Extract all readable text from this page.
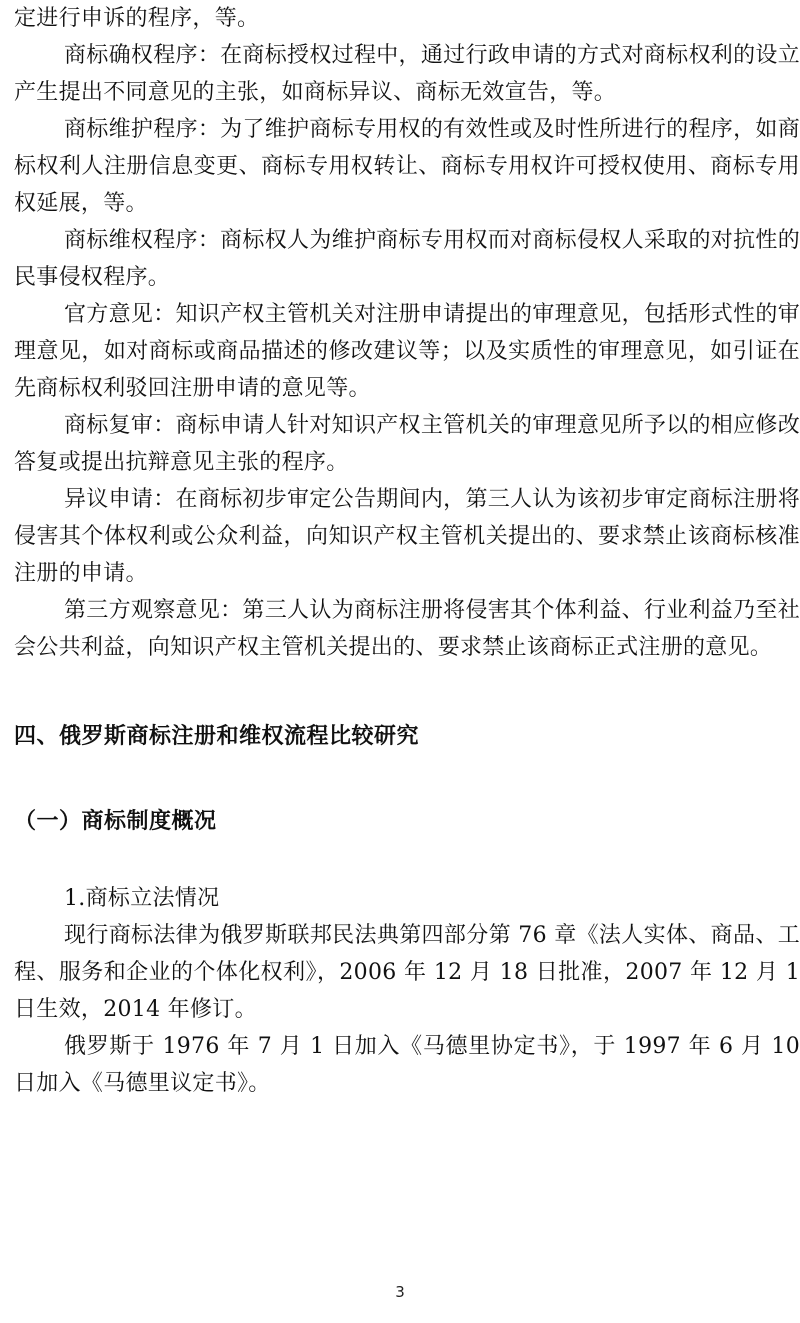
定进行申诉的程序，等。

商标确权程序：在商标授权过程中，通过行政申请的方式对商标权利的设立产生提出不同意见的主张，如商标异议、商标无效宣告，等。

商标维护程序：为了维护商标专用权的有效性或及时性所进行的程序，如商标权利人注册信息变更、商标专用权转让、商标专用权许可授权使用、商标专用权延展，等。

商标维权程序：商标权人为维护商标专用权而对商标侵权人采取的对抗性的民事侵权程序。

官方意见：知识产权主管机关对注册申请提出的审理意见，包括形式性的审理意见，如对商标或商品描述的修改建议等；以及实质性的审理意见，如引证在先商标权利驳回注册申请的意见等。

商标复审：商标申请人针对知识产权主管机关的审理意见所予以的相应修改答复或提出抗辩意见主张的程序。

异议申请：在商标初步审定公告期间内，第三人认为该初步审定商标注册将侵害其个体权利或公众利益，向知识产权主管机关提出的、要求禁止该商标核准注册的申请。

第三方观察意见：第三人认为商标注册将侵害其个体利益、行业利益乃至社会公共利益，向知识产权主管机关提出的、要求禁止该商标正式注册的意见。

四、俄罗斯商标注册和维权流程比较研究
（一）商标制度概况

1.商标立法情况

现行商标法律为俄罗斯联邦民法典第四部分第 76 章《法人实体、商品、工程、服务和企业的个体化权利》，2006 年 12 月 18 日批准，2007 年 12 月 1 日生效，2014 年修订。

俄罗斯于 1976 年 7 月 1 日加入《马德里协定书》，于 1997 年 6 月 10 日加入《马德里议定书》。

3
